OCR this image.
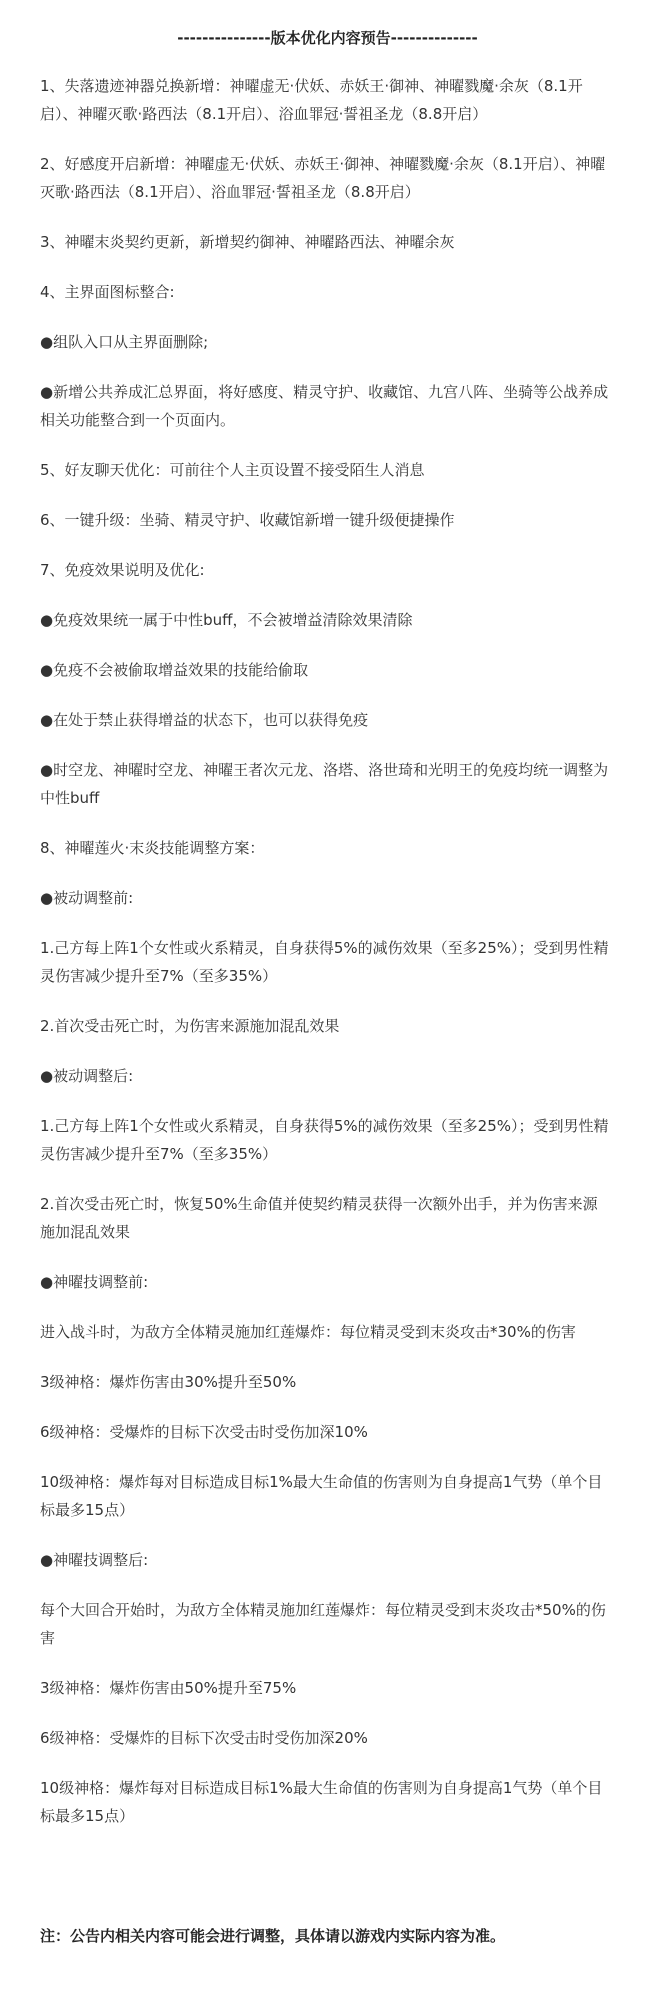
---------------版本优化内容预告--------------

1、失落遗迹神器兑换新增：神曜虚无·伏妖、赤妖王·御神、神曜戮魔·余灰（8.1开启）、神曜灭歌·路西法（8.1开启）、浴血罪冠·誓祖圣龙（8.8开启）

2、好感度开启新增：神曜虚无·伏妖、赤妖王·御神、神曜戮魔·余灰（8.1开启）、神曜灭歌·路西法（8.1开启）、浴血罪冠·誓祖圣龙（8.8开启）

3、神曜末炎契约更新，新增契约御神、神曜路西法、神曜余灰

4、主界面图标整合:

●组队入口从主界面删除;

●新增公共养成汇总界面，将好感度、精灵守护、收藏馆、九宫八阵、坐骑等公战养成相关功能整合到一个页面内。

5、好友聊天优化：可前往个人主页设置不接受陌生人消息

6、一键升级：坐骑、精灵守护、收藏馆新增一键升级便捷操作

7、免疫效果说明及优化:

●免疫效果统一属于中性buff，不会被增益清除效果清除

●免疫不会被偷取增益效果的技能给偷取

●在处于禁止获得增益的状态下，也可以获得免疫

●时空龙、神曜时空龙、神曜王者次元龙、洛塔、洛世琦和光明王的免疫均统一调整为中性buff

8、神曜莲火·末炎技能调整方案：

●被动调整前:

1.己方每上阵1个女性或火系精灵，自身获得5%的减伤效果（至多25%）；受到男性精灵伤害减少提升至7%（至多35%）

2.首次受击死亡时，为伤害来源施加混乱效果

●被动调整后:

1.己方每上阵1个女性或火系精灵，自身获得5%的减伤效果（至多25%）；受到男性精灵伤害减少提升至7%（至多35%）

2.首次受击死亡时，恢复50%生命值并使契约精灵获得一次额外出手，并为伤害来源施加混乱效果

●神曜技调整前:

进入战斗时，为敌方全体精灵施加红莲爆炸：每位精灵受到末炎攻击*30%的伤害

3级神格：爆炸伤害由30%提升至50%

6级神格：受爆炸的目标下次受击时受伤加深10%

10级神格：爆炸每对目标造成目标1%最大生命值的伤害则为自身提高1气势（单个目标最多15点）

●神曜技调整后:

每个大回合开始时，为敌方全体精灵施加红莲爆炸：每位精灵受到末炎攻击*50%的伤害

3级神格：爆炸伤害由50%提升至75%

6级神格：受爆炸的目标下次受击时受伤加深20%

10级神格：爆炸每对目标造成目标1%最大生命值的伤害则为自身提高1气势（单个目标最多15点）

注：公告内相关内容可能会进行调整，具体请以游戏内实际内容为准。
